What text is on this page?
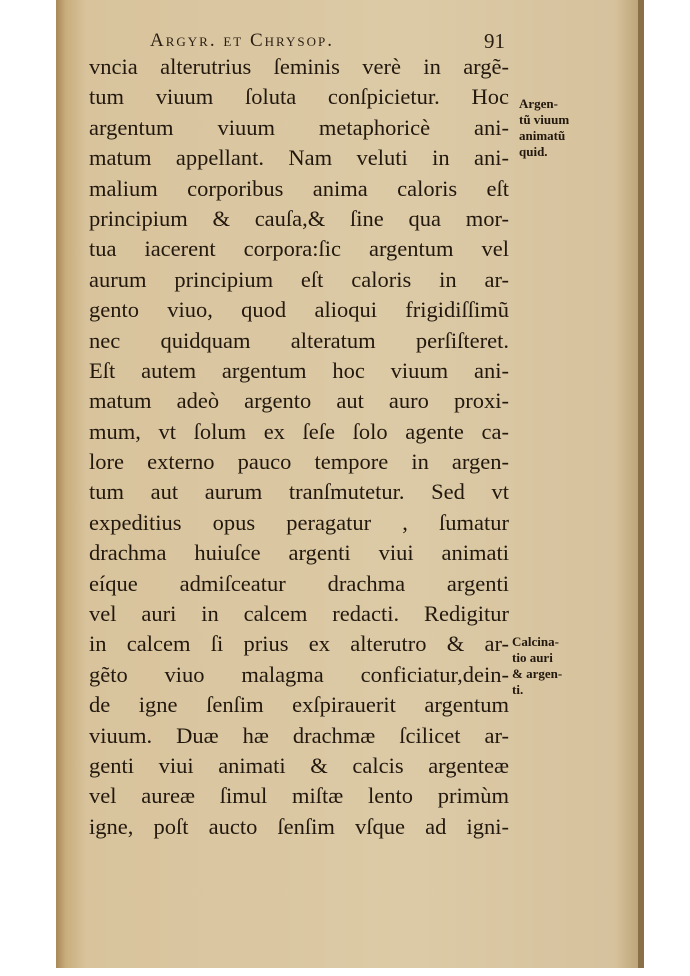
Argyr. et Chrysop.	91
vncia alterutrius ſeminis verè in argẽ-
tum viuum ſoluta conſpicietur. Hoc
argentum viuum metaphoricè ani-
matum appellant. Nam veluti in ani-
malium corporibus anima caloris eſt
principium & cauſa,& ſine qua mor-
tua iacerent corpora:ſic argentum vel
aurum principium eſt caloris in ar-
gento viuo, quod alioqui frigidiſſimũ
nec quidquam alteratum perſiſteret.
Eſt autem argentum hoc viuum ani-
matum adeò argento aut auro proxi-
mum, vt ſolum ex ſeſe ſolo agente ca-
lore externo pauco tempore in argen-
tum aut aurum tranſmutetur. Sed vt
expeditius opus peragatur , ſumatur
drachma huiuſce argenti viui animati
eíque admiſceatur drachma argenti
vel auri in calcem redacti. Redigitur
in calcem ſi prius ex alterutro & ar-
gẽto viuo malagma conficiatur,dein-
de igne ſenſim exſpirauerit argentum
viuum. Duæ hæ drachmæ ſcilicet ar-
genti viui animati & calcis argenteæ
vel aureæ ſimul miſtæ lento primùm
igne, poſt aucto ſenſim vſque ad igni-
Argen-
tũ viuum
animatũ
quid.
Calcina-
tio auri
& argen-
ti.
